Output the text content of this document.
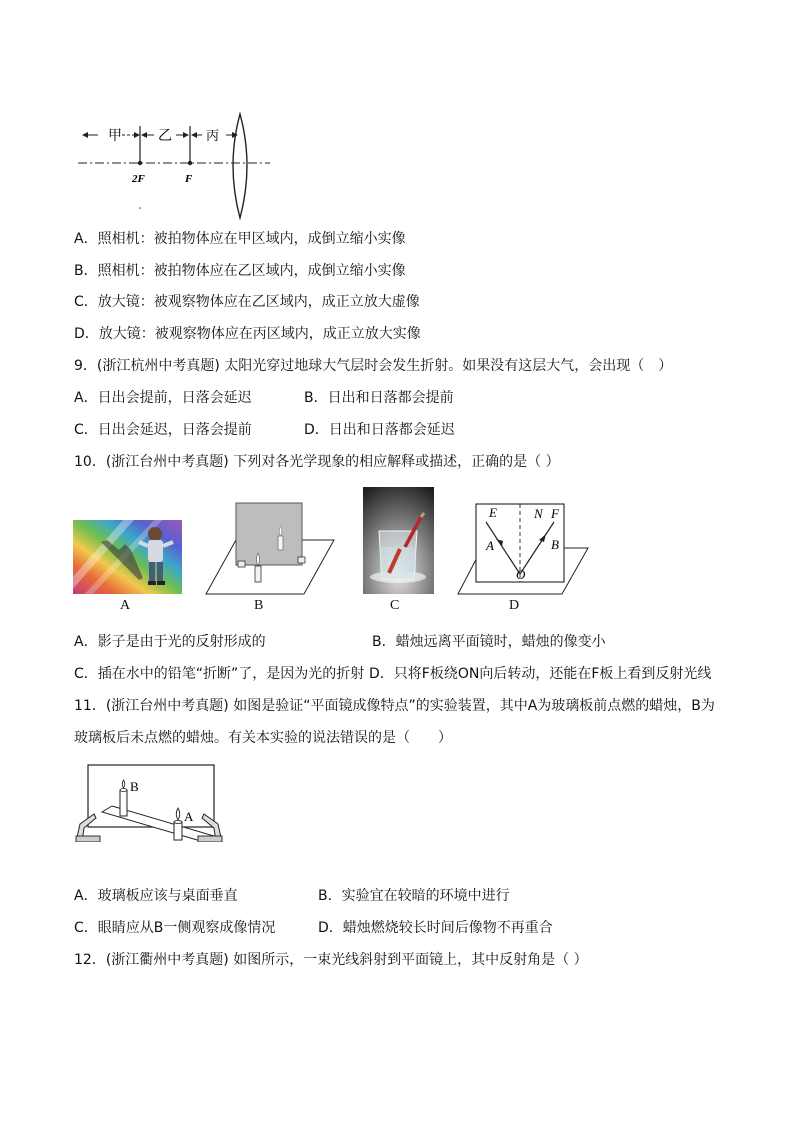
甲	乙	丙
2F	F
A．照相机：被拍物体应在甲区域内，成倒立缩小实像
B．照相机：被拍物体应在乙区域内，成倒立缩小实像
C．放大镜：被观察物体应在乙区域内，成正立放大虚像
D．放大镜：被观察物体应在丙区域内，成正立放大实像
9．(浙江杭州中考真题) 太阳光穿过地球大气层时会发生折射。如果没有这层大气，会出现（　）
A．日出会提前，日落会延迟	B．日出和日落都会提前
C．日出会延迟，日落会提前	D．日出和日落都会延迟
10．(浙江台州中考真题) 下列对各光学现象的相应解释或描述，正确的是（ ）
A	B	C
E	N F
A	B
O
D
A．影子是由于光的反射形成的	B．蜡烛远离平面镜时，蜡烛的像变小
C．插在水中的铅笔“折断”了，是因为光的折射 D．只将F板绕ON向后转动，还能在F板上看到反射光线
11．(浙江台州中考真题) 如图是验证“平面镜成像特点”的实验装置，其中A为玻璃板前点燃的蜡烛，B为
玻璃板后未点燃的蜡烛。有关本实验的说法错误的是（　　）
B
A
A．玻璃板应该与桌面垂直	B．实验宜在较暗的环境中进行
C．眼睛应从B一侧观察成像情况	D．蜡烛燃烧较长时间后像物不再重合
12．(浙江衢州中考真题) 如图所示，一束光线斜射到平面镜上，其中反射角是（ ）
